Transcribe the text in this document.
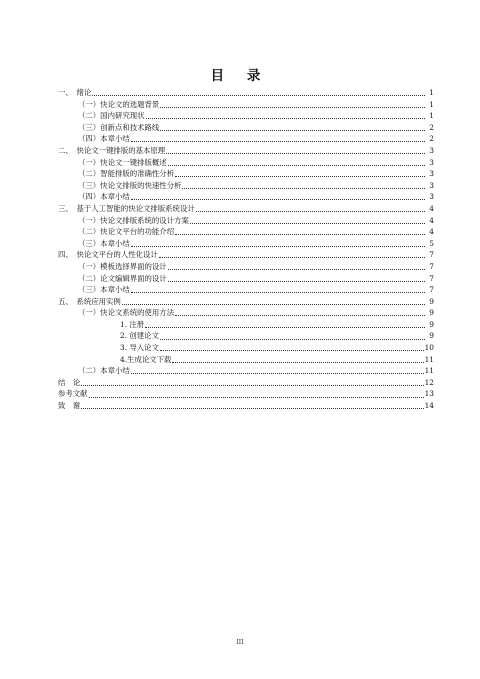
目 录
一、　绪论	1
（一）快论文的选题背景	1
（二）国内研究现状	1
（三）创新点和技术路线	2
（四）本章小结	2
二、　快论文一键排版的基本原理	3
（一）快论文一键排版概述	3
（二）智能排版的准确性分析	3
（三）快论文排版的快速性分析	3
（四）本章小结	3
三、　基于人工智能的快论文排版系统设计	4
（一）快论文排版系统的设计方案	4
（二）快论文平台的功能介绍	4
（三）本章小结	5
四、　快论文平台的人性化设计	7
（一）模板选择界面的设计	7
（二）论文编辑界面的设计	7
（三）本章小结	7
五、　系统应用实例	9
（一）快论文系统的使用方法	9
1. 注册	9
2. 创建论文	9
3. 导入论文	10
4.生成论文下载	11
（二）本章小结	11
结　论	12
参考文献	13
致　谢	14
III
